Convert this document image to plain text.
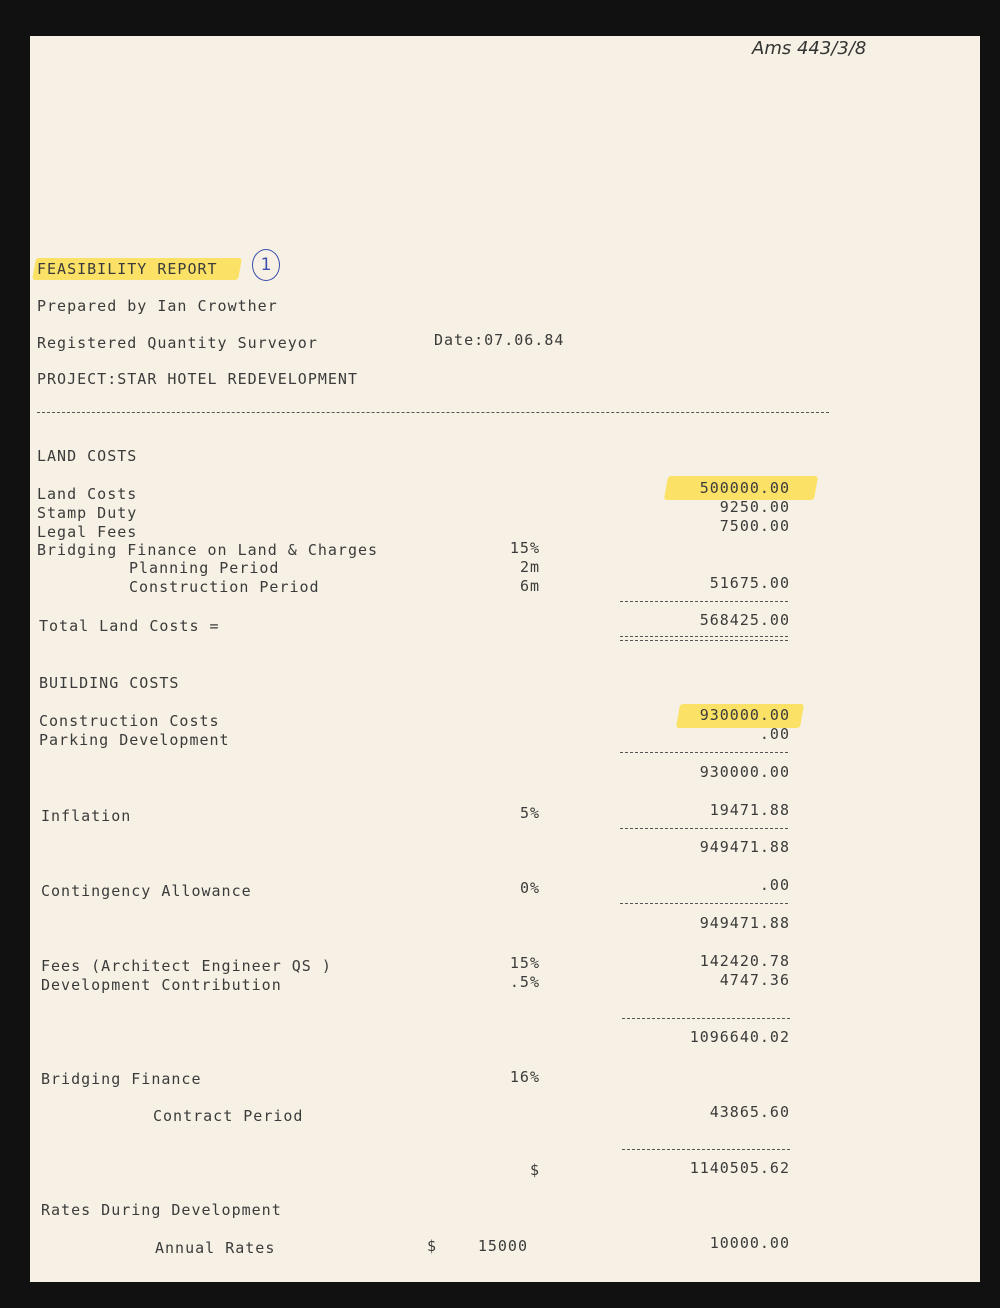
Ams 443/3/8
FEASIBILITY REPORT	1
Prepared by Ian Crowther
Registered Quantity Surveyor	Date:07.06.84
PROJECT:STAR HOTEL REDEVELOPMENT
LAND COSTS
Land Costs	500000.00
Stamp Duty	9250.00
Legal Fees	7500.00
Bridging Finance on Land & Charges	15%
Planning Period	2m
Construction Period	6m	51675.00
Total Land Costs =	568425.00
BUILDING COSTS
Construction Costs	930000.00
Parking Development	.00
930000.00
Inflation	5%	19471.88
949471.88
Contingency Allowance	0%	.00
949471.88
Fees (Architect Engineer QS )	15%	142420.78
Development Contribution	.5%	4747.36
1096640.02
Bridging Finance	16%
Contract Period	43865.60
$	1140505.62
Rates During Development
Annual Rates	$	15000	10000.00
